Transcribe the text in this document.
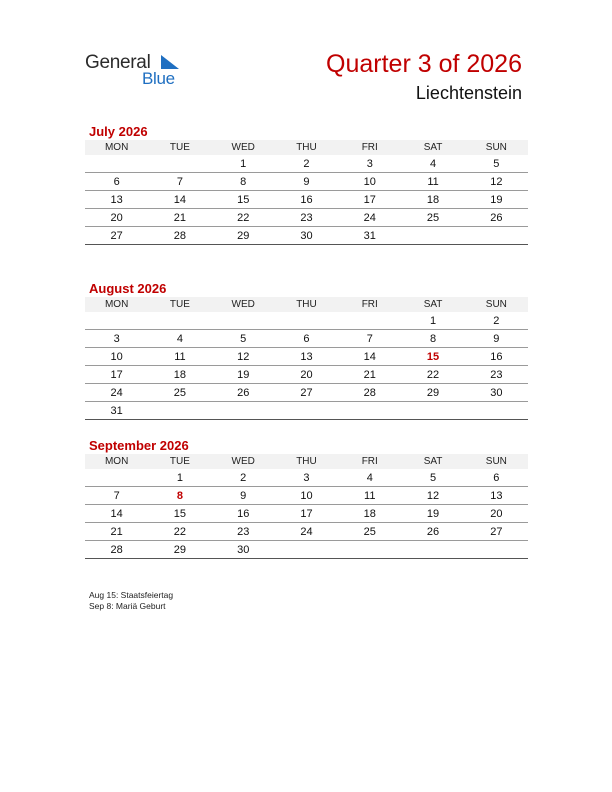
General
Blue
Quarter 3 of 2026
Liechtenstein
July 2026
MON	TUE	WED	THU	FRI	SAT	SUN
		1	2	3	4	5
6	7	8	9	10	11	12
13	14	15	16	17	18	19
20	21	22	23	24	25	26
27	28	29	30	31		
August 2026
MON	TUE	WED	THU	FRI	SAT	SUN
					1	2
3	4	5	6	7	8	9
10	11	12	13	14	15	16
17	18	19	20	21	22	23
24	25	26	27	28	29	30
31						
September 2026
MON	TUE	WED	THU	FRI	SAT	SUN
	1	2	3	4	5	6
7	8	9	10	11	12	13
14	15	16	17	18	19	20
21	22	23	24	25	26	27
28	29	30				
Aug 15: Staatsfeiertag
Sep 8: Mariä Geburt
